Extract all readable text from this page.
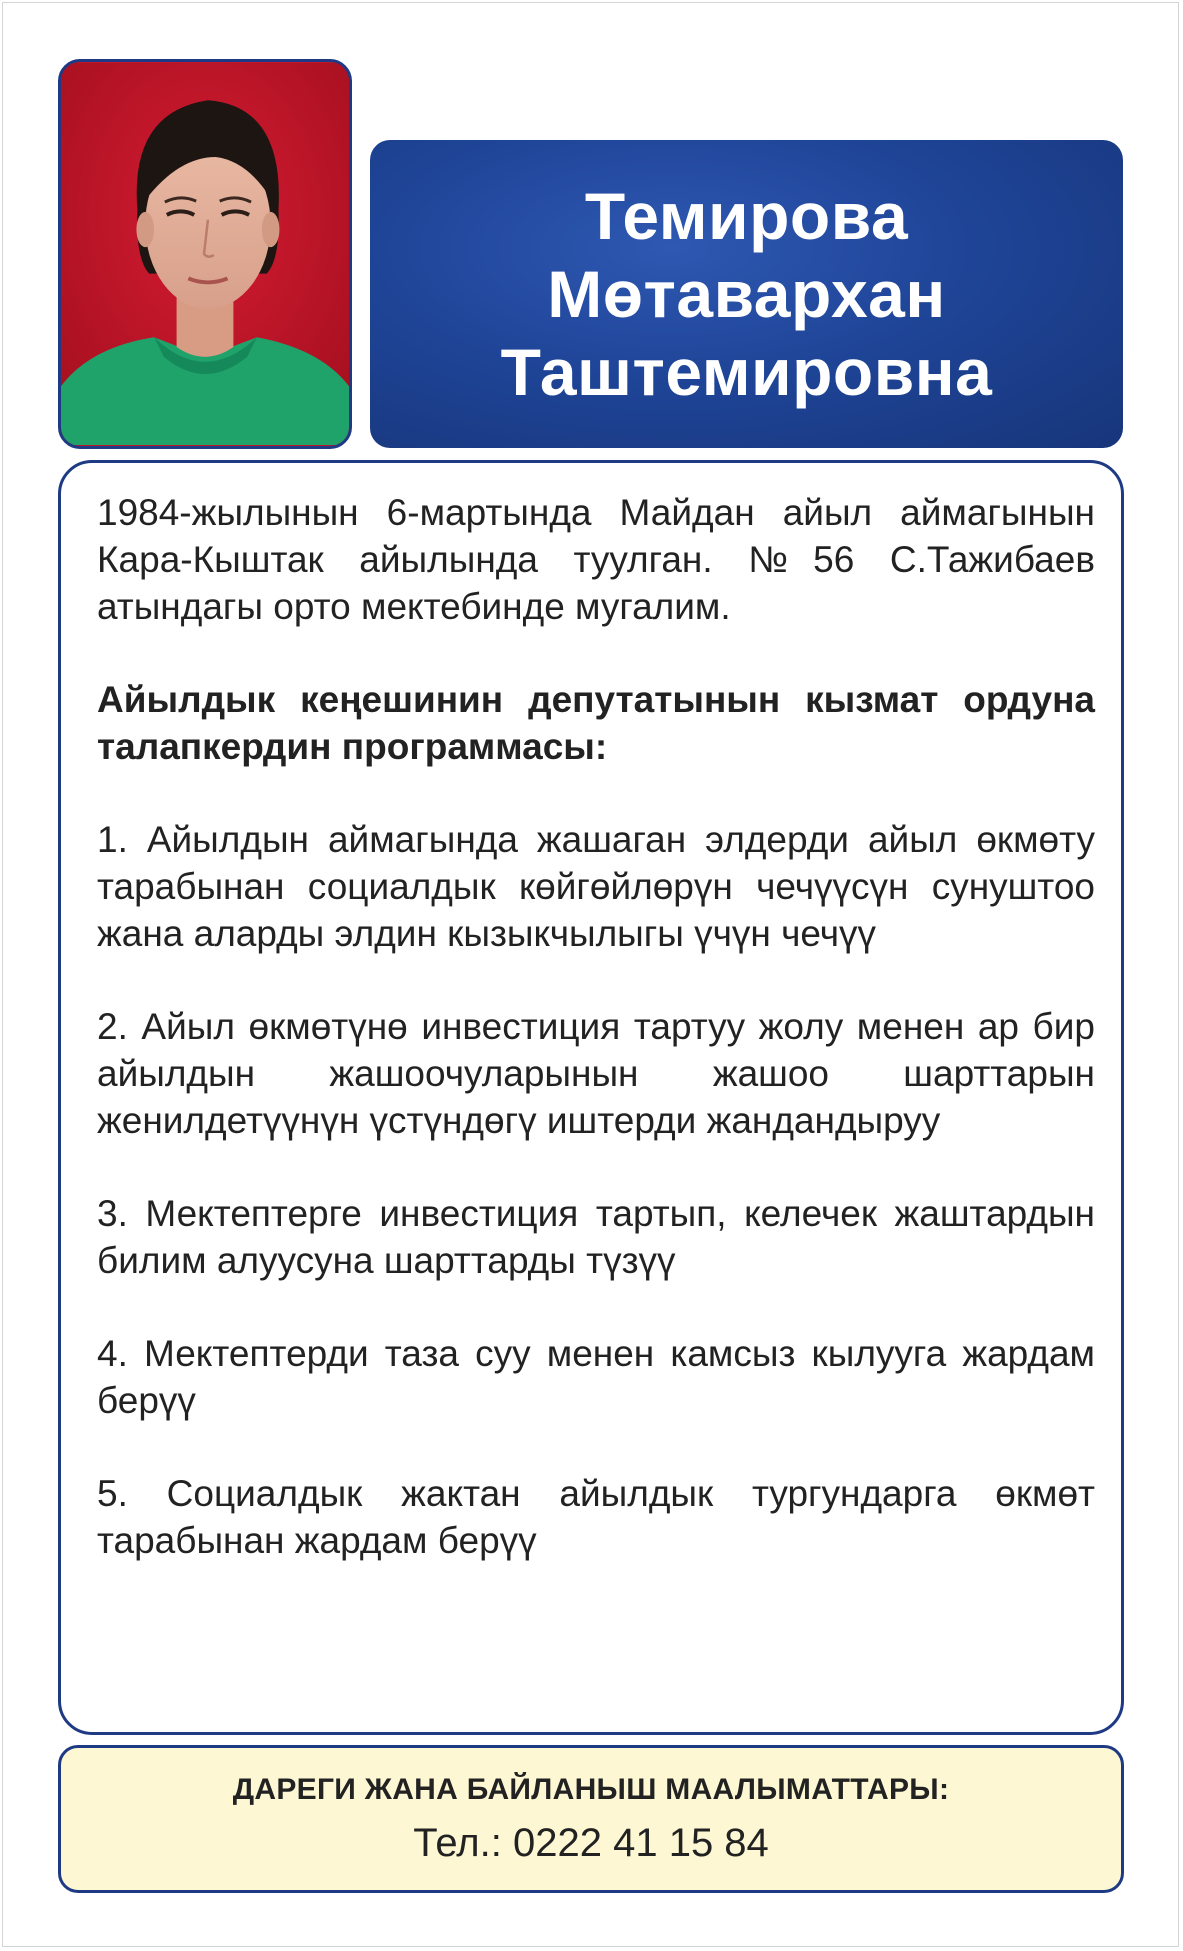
Темирова
Мөтавархан
Таштемировна

1984-жылынын 6-мартында Майдан айыл аймагынын Кара-Кыштак айылында туулган. №56 С.Тажибаев атындагы орто мектебинде мугалим.

Айылдык кеңешинин депутатынын кызмат ордуна талапкердин программасы:

1. Айылдын аймагында жашаган элдерди айыл өкмөту тарабынан социалдык көйгөйлөрүн чечүүсүн сунуштоо жана аларды элдин кызыкчылыгы үчүн чечүү

2. Айыл өкмөтүнө инвестиция тартуу жолу менен ар бир айылдын жашоочуларынын жашоо шарттарын женилдетүүнүн үстүндөгү иштерди жандандыруу

3. Мектептерге инвестиция тартып, келечек жаштардын билим алуусуна шарттарды түзүү

4. Мектептерди таза суу менен камсыз кылууга жардам берүү

5. Социалдык жактан айылдык тургундарга өкмөт тарабынан жардам берүү

ДАРЕГИ ЖАНА БАЙЛАНЫШ МААЛЫМАТТАРЫ:
Тел.: 0222 41 15 84
